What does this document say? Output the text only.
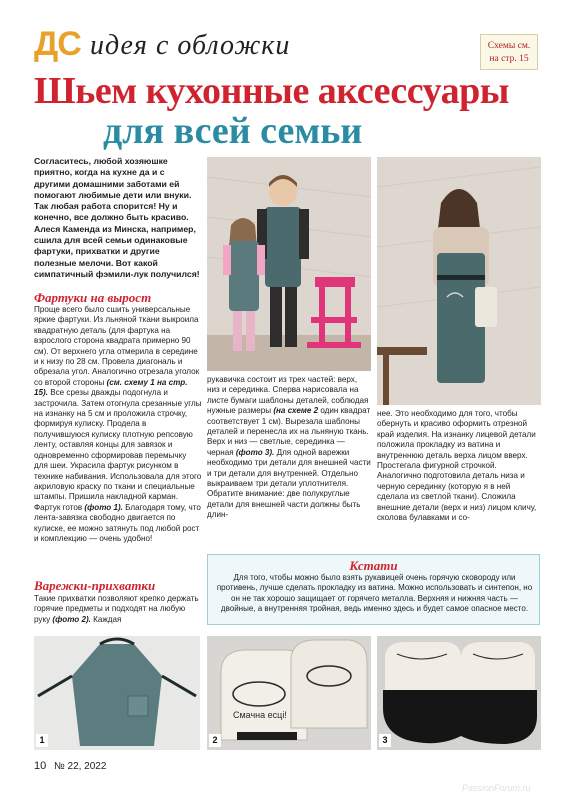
ДС идея с обложки	Схемы см.
на стр. 15
Шьем кухонные аксессуары
для всей семьи
Согласитесь, любой хозяюшке приятно, когда на кухне да и с другими домашними заботами ей помогают любимые дети или внуки. Так любая работа спорится! Ну и конечно, все должно быть красиво. Алеся Каменда из Минска, например, сшила для всей семьи одинаковые фартуки, прихватки и другие полезные мелочи. Вот какой симпатичный фэмили-лук получился!
Фартуки на вырост
Проще всего было сшить универсальные яркие фартуки. Из льняной ткани выкроила квадратную деталь (для фартука на взрослого сторона квадрата примерно 90 см). От верхнего угла отмерила в середине и к низу по 28 см. Провела диагональ и обрезала угол. Аналогично отрезала уголок со второй стороны (см. схему 1 на стр. 15). Все срезы дважды подогнула и застрочила. Затем отогнула срезанные углы на изнанку на 5 см и проложила строчку, формируя кулиску. Продела в получившуюся кулиску плотную репсовую ленту, оставляя концы для завязок и одновременно сформировав перемычку для шеи. Украсила фартук рисунком в технике набивания. Использовала для этого акриловую краску по ткани и специальные штампы. Пришила накладной карман. Фартук готов (фото 1). Благодаря тому, что лента-завязка свободно двигается по кулиске, ее можно затянуть под любой рост и комплекцию — очень удобно!
Варежки-прихватки
Такие прихватки позволяют крепко держать горячие предметы и подходят на любую руку (фото 2). Каждая
рукавичка состоит из трех частей: верх, низ и серединка. Сперва нарисовала на листе бумаги шаблоны деталей, соблюдая нужные размеры (на схеме 2 один квадрат соответствует 1 см). Вырезала шаблоны деталей и перенесла их на льняную ткань. Верх и низ — светлые, серединка — черная (фото 3). Для одной варежки необходимо три детали для внешней части и три детали для внутренней. Отдельно выкраиваем три детали уплотнителя. Обратите внимание: две полукруглые детали для внешней части должны быть длин-
нее. Это необходимо для того, чтобы обернуть и красиво оформить отрезной край изделия. На изнанку лицевой детали положила прокладку из ватина и внутреннюю деталь верха лицом вверх. Простегала фигурной строчкой. Аналогично подготовила деталь низа и черную серединку (которую я в ней сделала из светлой ткани). Сложила внешние детали (верх и низ) лицом кличу, сколова булавками и со-
Кстати
Для того, чтобы можно было взять рукавицей очень горячую сковороду или противень, лучше сделать прокладку из ватина. Можно использовать и синтепон, но он не так хорошо защищает от горячего металла. Верхняя и нижняя часть — двойные, а внутренняя тройная, ведь именно здесь и будет самое опасное место.
1
Смачна есці!
2	3
10 № 22, 2022
PassionForum.ru
